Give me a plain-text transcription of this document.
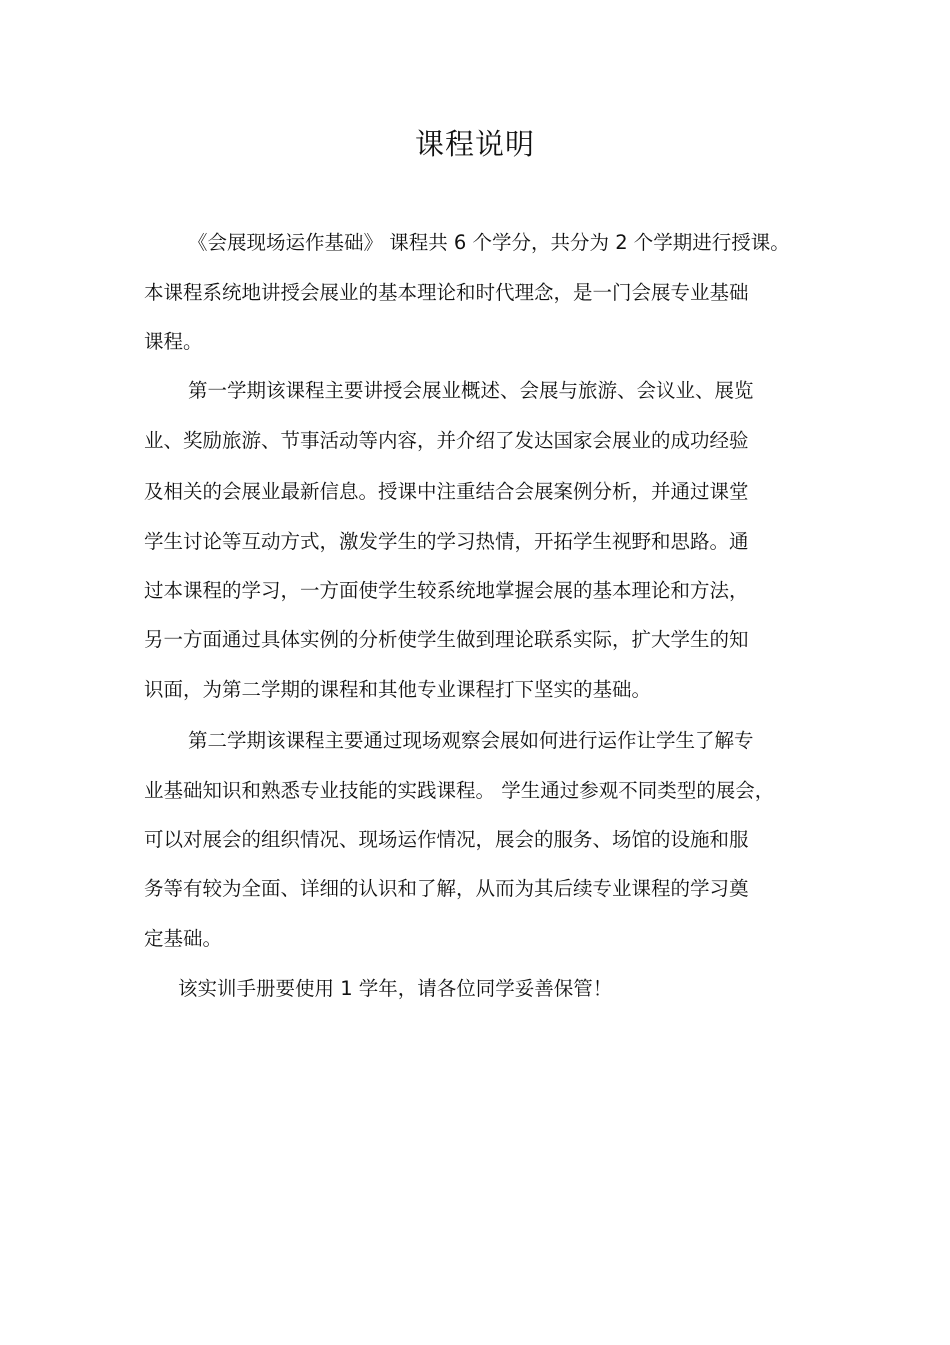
课程说明

《会展现场运作基础》 课程共 6 个学分，共分为 2 个学期进行授课。

本课程系统地讲授会展业的基本理论和时代理念，是一门会展专业基础

课程。

第一学期该课程主要讲授会展业概述、会展与旅游、会议业、展览

业、奖励旅游、节事活动等内容，并介绍了发达国家会展业的成功经验

及相关的会展业最新信息。授课中注重结合会展案例分析，并通过课堂

学生讨论等互动方式，激发学生的学习热情，开拓学生视野和思路。通

过本课程的学习，一方面使学生较系统地掌握会展的基本理论和方法，

另一方面通过具体实例的分析使学生做到理论联系实际，扩大学生的知

识面，为第二学期的课程和其他专业课程打下坚实的基础。

第二学期该课程主要通过现场观察会展如何进行运作让学生了解专

业基础知识和熟悉专业技能的实践课程。 学生通过参观不同类型的展会，

可以对展会的组织情况、现场运作情况，展会的服务、场馆的设施和服

务等有较为全面、详细的认识和了解，从而为其后续专业课程的学习奠

定基础。

该实训手册要使用 1 学年，请各位同学妥善保管！
